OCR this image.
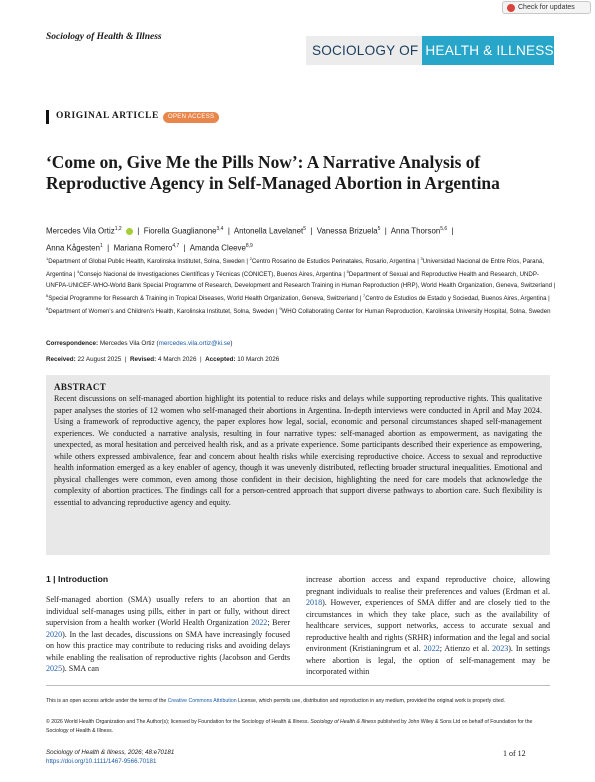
Check for updates
Sociology of Health & Illness
SOCIOLOGY OF HEALTH & ILLNESS
ORIGINAL ARTICLE	OPEN ACCESS
‘Come on, Give Me the Pills Now’: A Narrative Analysis of Reproductive Agency in Self-Managed Abortion in Argentina
Mercedes Vila Ortiz$^{1,2}$   |  Fiorella Guaglianone$^{3,4}$  |  Antonella Lavelanet$^5$  |  Vanessa Brizuela$^5$  |  Anna Thorson$^{5,6}$  |
Anna Kågesten$^1$  |  Mariana Romero$^{4,7}$  |  Amanda Cleeve$^{8,9}$
$^1$Department of Global Public Health, Karolinska Institutet, Solna, Sweden | $^2$Centro Rosarino de Estudios Perinatales, Rosario, Argentina | $^3$Universidad Nacional de Entre Ríos, Paraná, Argentina | $^4$Consejo Nacional de Investigaciones Científicas y Técnicas (CONICET), Buenos Aires, Argentina | $^5$Department of Sexual and Reproductive Health and Research, UNDP-UNFPA-UNICEF-WHO-World Bank Special Programme of Research, Development and Research Training in Human Reproduction (HRP), World Health Organization, Geneva, Switzerland | $^6$Special Programme for Research & Training in Tropical Diseases, World Health Organization, Geneva, Switzerland | $^7$Centro de Estudios de Estado y Sociedad, Buenos Aires, Argentina | $^8$Department of Women's and Children's Health, Karolinska Institutet, Solna, Sweden | $^9$WHO Collaborating Center for Human Reproduction, Karolinska University Hospital, Solna, Sweden
Correspondence: Mercedes Vila Ortiz (mercedes.vila.ortiz@ki.se)
Received: 22 August 2025  |  Revised: 4 March 2026  |  Accepted: 10 March 2026
ABSTRACT

Recent discussions on self-managed abortion highlight its potential to reduce risks and delays while supporting reproductive rights. This qualitative paper analyses the stories of 12 women who self-managed their abortions in Argentina. In-depth interviews were conducted in April and May 2024. Using a framework of reproductive agency, the paper explores how legal, social, economic and personal circumstances shaped self-management experiences. We conducted a narrative analysis, resulting in four narrative types: self-managed abortion as empowerment, as navigating the unexpected, as moral hesitation and perceived health risk, and as a private experience. Some participants described their experience as empowering, while others expressed ambivalence, fear and concern about health risks while exercising reproductive choice. Access to sexual and reproductive health information emerged as a key enabler of agency, though it was unevenly distributed, reflecting broader structural inequalities. Emotional and physical challenges were common, even among those confident in their decision, highlighting the need for care models that acknowledge the complexity of abortion practices. The findings call for a person-centred approach that support diverse pathways to abortion care. Such flexibility is essential to advancing reproductive agency and equity.

1 | Introduction
Self-managed abortion (SMA) usually refers to an abortion that an individual self-manages using pills, either in part or fully, without direct supervision from a health worker (World Health Organization 2022; Berer 2020). In the last decades, discussions on SMA have increasingly focused on how this practice may contribute to reducing risks and avoiding delays while enabling the realisation of reproductive rights (Jacobson and Gerdts 2025). SMA can
increase abortion access and expand reproductive choice, allowing pregnant individuals to realise their preferences and values (Erdman et al. 2018). However, experiences of SMA differ and are closely tied to the circumstances in which they take place, such as the availability of healthcare services, support networks, access to accurate sexual and reproductive health and rights (SRHR) information and the legal and social environment (Kristianingrum et al. 2022; Atienzo et al. 2023). In settings where abortion is legal, the option of self-management may be incorporated within
This is an open access article under the terms of the Creative Commons Attribution License, which permits use, distribution and reproduction in any medium, provided the original work is properly cited.
© 2026 World Health Organization and The Author(s); licensed by Foundation for the Sociology of Health & Illness. Sociology of Health & Illness published by John Wiley & Sons Ltd on behalf of Foundation for the Sociology of Health & Illness.
Sociology of Health & Illness, 2026; 48:e70181
https://doi.org/10.1111/1467-9566.70181
1 of 12
